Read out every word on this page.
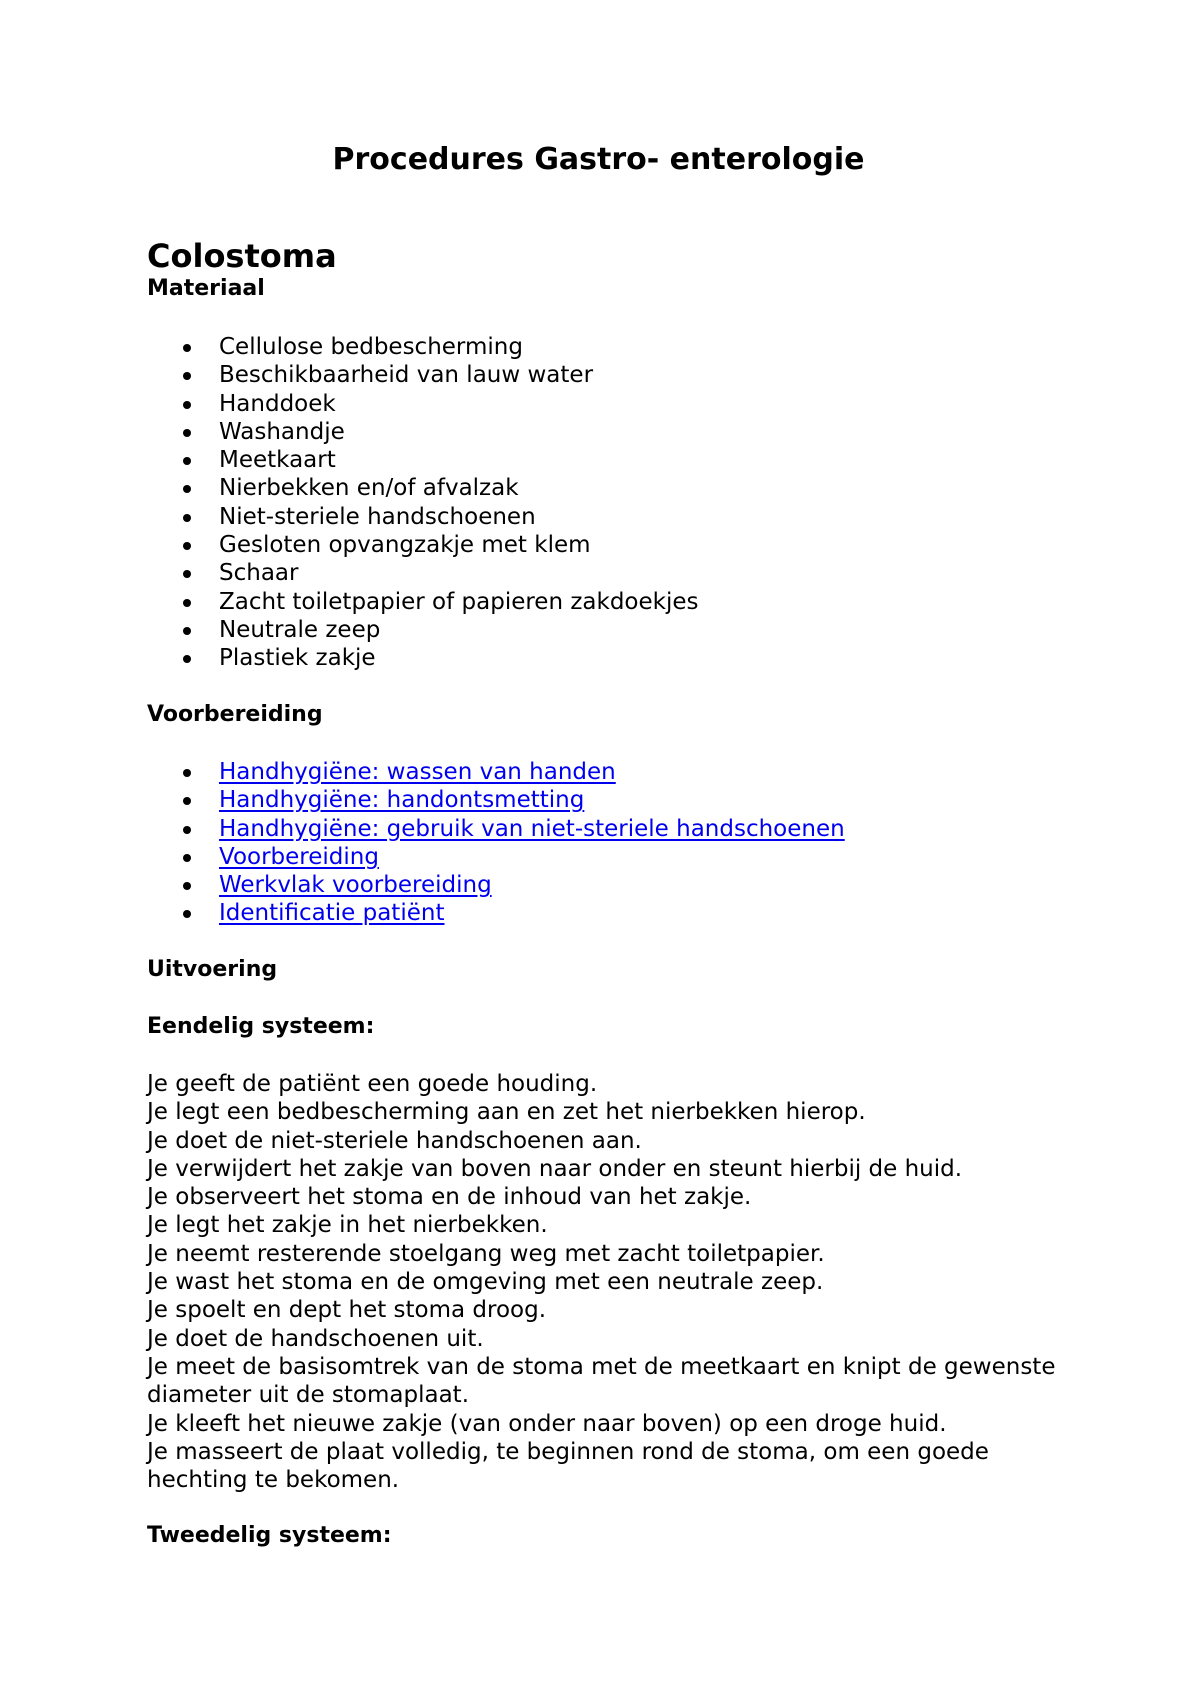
Procedures Gastro- enterologie
Colostoma
Materiaal
Cellulose bedbescherming
Beschikbaarheid van lauw water
Handdoek
Washandje
Meetkaart
Nierbekken en/of afvalzak
Niet-steriele handschoenen
Gesloten opvangzakje met klem
Schaar
Zacht toiletpapier of papieren zakdoekjes
Neutrale zeep
Plastiek zakje
Voorbereiding
Handhygiëne: wassen van handen
Handhygiëne: handontsmetting
Handhygiëne: gebruik van niet-steriele handschoenen
Voorbereiding
Werkvlak voorbereiding
Identificatie patiënt
Uitvoering
Eendelig systeem:

Je geeft de patiënt een goede houding.

Je legt een bedbescherming aan en zet het nierbekken hierop.

Je doet de niet-steriele handschoenen aan.

Je verwijdert het zakje van boven naar onder en steunt hierbij de huid.

Je observeert het stoma en de inhoud van het zakje.

Je legt het zakje in het nierbekken.

Je neemt resterende stoelgang weg met zacht toiletpapier.

Je wast het stoma en de omgeving met een neutrale zeep.

Je spoelt en dept het stoma droog.

Je doet de handschoenen uit.

Je meet de basisomtrek van de stoma met de meetkaart en knipt de gewenste diameter uit de stomaplaat.

Je kleeft het nieuwe zakje (van onder naar boven) op een droge huid.

Je masseert de plaat volledig, te beginnen rond de stoma, om een goede hechting te bekomen.

Tweedelig systeem:
